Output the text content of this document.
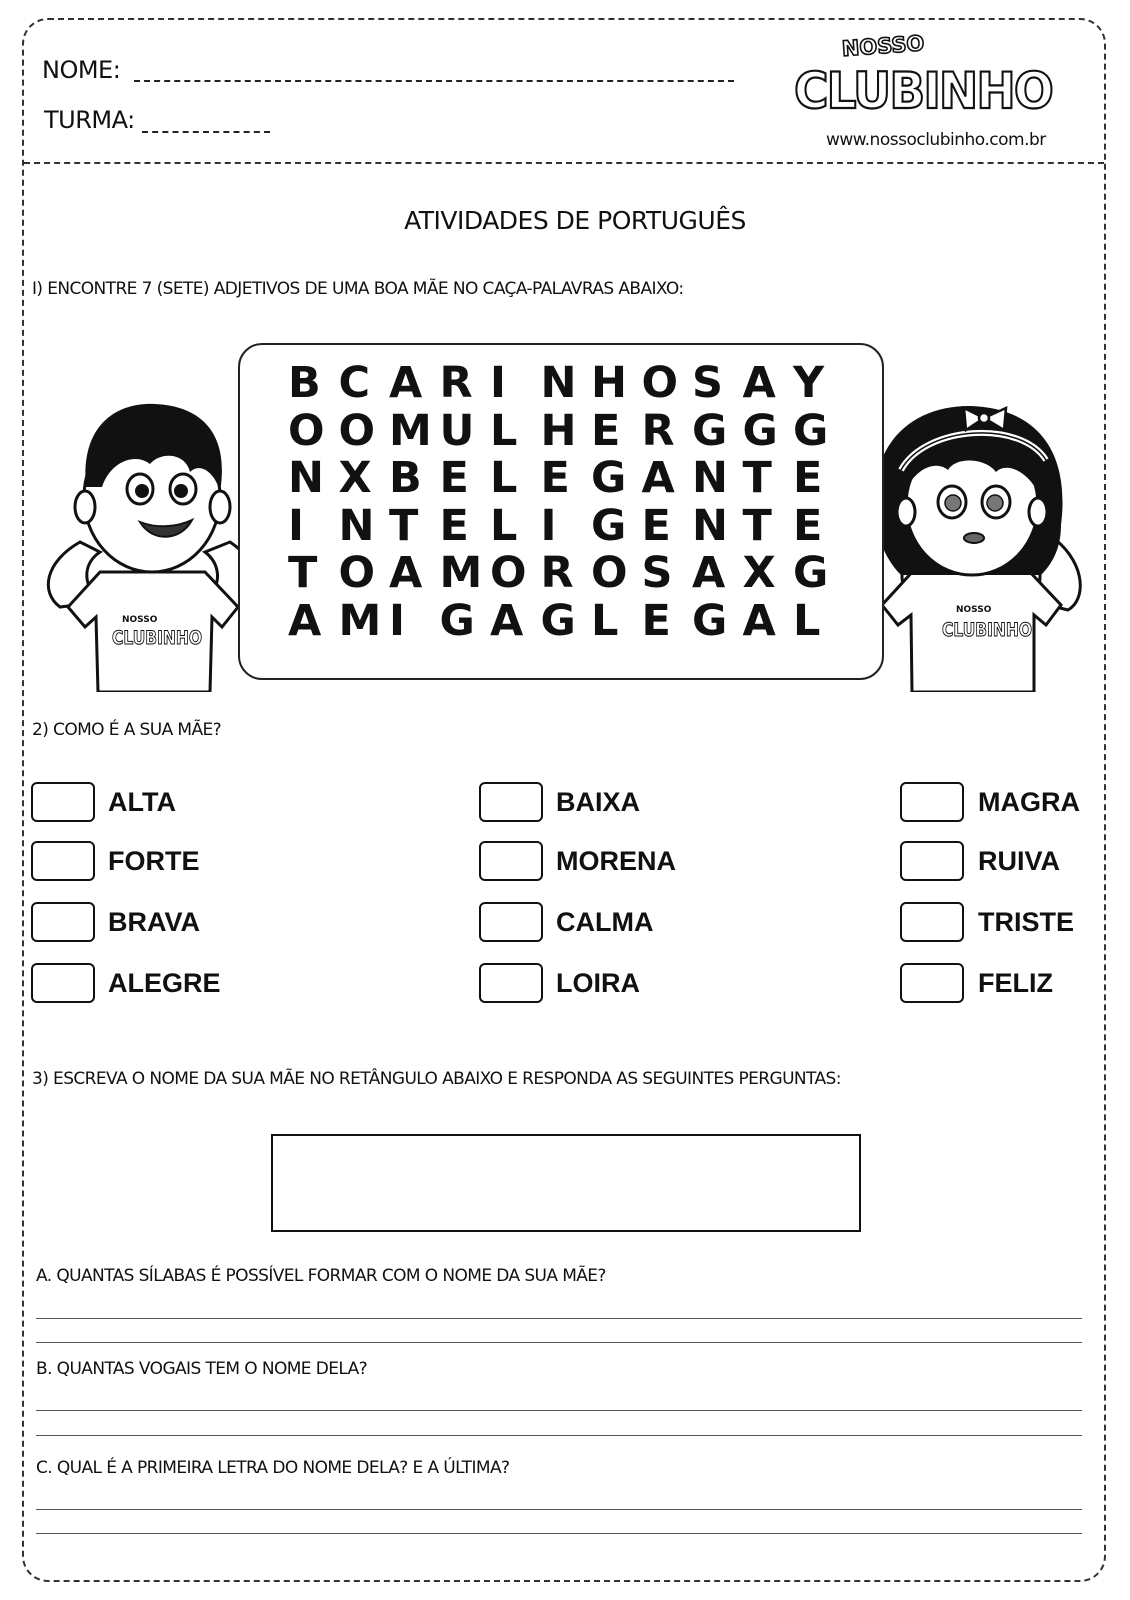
NOME:
TURMA:
NOSSO
CLUBINHO
www.nossoclubinho.com.br
ATIVIDADES DE PORTUGUÊS
I) ENCONTRE 7 (SETE) ADJETIVOS DE UMA BOA MÃE NO CAÇA-PALAVRAS ABAIXO:
NOSSO
CLUBINHO
NOSSO
CLUBINHO
B C A R I N H O S A Y
O O M U L H E R G G G
N X B E L E G A N T E
I N T E L I G E N T E
T O A M O R O S A X G
A M I G A G L E G A L
2) COMO É A SUA MÃE?
ALTA
FORTE
BRAVA
ALEGRE
BAIXA
MORENA
CALMA
LOIRA
MAGRA
RUIVA
TRISTE
FELIZ
3) ESCREVA O NOME DA SUA MÃE NO RETÂNGULO ABAIXO E RESPONDA AS SEGUINTES PERGUNTAS:
A. QUANTAS SÍLABAS É POSSÍVEL FORMAR COM O NOME DA SUA MÃE?
B. QUANTAS VOGAIS TEM O NOME DELA?
C. QUAL É A PRIMEIRA LETRA DO NOME DELA? E A ÚLTIMA?
